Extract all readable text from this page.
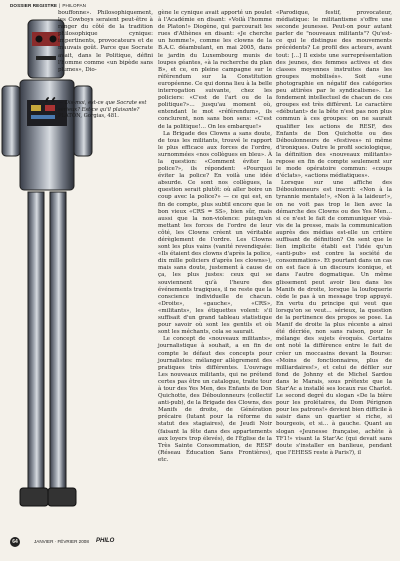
DOSSIER REGISTRE | PHILOPAN

bouffonne». Philosophiquement, les Cowboys seraient peut-être à ranger du côté de la tradition philosophique cynique: impertinents, provocateurs et de mauvais goût. Parce que Socrate avait, dans le Politique, défini l'homme comme «un bipède sans plumes», Dio-

‘‘ — Dis-moi, est-ce que Socrate est sérieux? Est-ce qu'il plaisante?
PLATON, Gorgias, 481.

gène le cynique avait apporté un poulet à l'Académie en disant: «Voilà l'homme de Platon!» Diogène, qui parcourait les rues d'Athènes en disant: «Je cherche un homme!», comme les clowns de la B.A.C. déambulant, en mai 2005, dans le jardin du Luxembourg munis de loupes géantes, «à la recherche du plan B», et ce, en pleine campagne sur le référendum sur la Constitution européenne. Ce qui donna lieu à la belle interrogation suivante, chez les policiers: «C'est de l'art ou de la politique?»… jusqu'au moment où, entendant le mot «référendum», ils conclurent, non sans bon sens: «C'est de la politique!… On les embarque!»

La Brigade des Clowns a sans doute, de tous les militants, trouvé le rapport le plus efficace aux forces de l'ordre, surnommées «nos collègues en bleu». À la question: «Comment éviter la police?», ils répondent: «Pourquoi éviter la police? En voilà une idée absurde. Ce sont nos collègues, la question serait plutôt: où aller boire un coup avec la police?» — ce qui est, en fin de compte, plus subtil encore que le bon vieux «CRS = SS», bien sûr, mais aussi que la non-violence: puisqu'en mettant les forces de l'ordre de leur côté, les Clowns créent un véritable dérèglement de l'ordre. Les Clowns sont les plus vains (vanité revendiquée: «Ils étaient des clowns d'après la police, dix mille policiers d'après les clowns»), mais sans doute, justement à cause de ça, les plus justes: ceux qui se souviennent qu'à l'heure des événements tragiques, il ne reste que la conscience individuelle de chacun. «Droite», «gauche», «CRS», «militants», les étiquettes volent: s'il suffisait d'un grand tableau statistique pour savoir où sont les gentils et où sont les méchants, cela se saurait.

Le concept de «nouveaux militants», journalistique à souhait, a en fin de compte le défaut des concepts pour journalistes: mélanger allègrement des pratiques très différentes. L'ouvrage Les nouveaux militants, qui ne prétend certes pas être un catalogue, traite tour à tour des Yes Men, des Enfants de Don Quichotte, des Déboulonneurs (collectif anti-pub), de la Brigade des Clowns, des Manifs de droite, de Génération précaire (lutant pour la réforme du statut des stagiaires), de Jeudi Noir (faisant la fête dans des appartements aux loyers trop élevés), de l'Église de la Très Sainte Consommation, de RESF (Réseau Éducation Sans Frontières), etc.

«Parodique, festif, provocateur, médiatique: le militantisme s'offre une seconde jeunesse. Peut-on pour autant parler de "nouveaux militants"? Qu'est-ce qui le distingue des mouvements précédents? Le profil des acteurs, avant tout: [...] Il existe une surreprésentation des jeunes, des femmes actives et des classes moyennes instruites dans les groupes mobilisés». Soit «une photographie en négatif des catégories peu attirées par le syndicalisme». Le fondement intellectuel de chacun de ces groupes est très différent. Le caractère «débutant» de la bête n'est pas non plus commun à ces groupes: on ne saurait qualifier les actions de RESF, des Enfants de Don Quichotte ou des Déboulonneurs de «festives» ni même d'ironiques. Outre le profil sociologique, la définition des «nouveaux militants» repose en fin de compte seulement sur le mode opératoire commun: «coups d'éclats», «actions médiatiques».

Lorsque sur une affiche des Déboulonneurs est inscrit: «Non à la tyrannie mentale!», «Non à la laideur!», on ne voit pas trop le lien avec la démarche des Clowns ou des Yes Men… si ce n'est le fait de communiquer visà-vis de la presse, mais la communication auprès des médias est-elle un critère suffisant de définition? On sent que le lien implicite établi est l'idée qu'un «anti-pub» est contre la société de consommation». Et pourtant dans un cas on est face à un discours iconique, et dans l'autre dogmatique. Un même glissement peut avoir lieu dans les Manifs de droite, lorsque la loufoquerie cède le pas à un message trop appuyé. En vertu du principe qui veut que lorsqu'on se veut… sérieux, la question de la pertinence des propos se pose. La Manif de droite la plus récente a ainsi été décriée, non sans raison, pour le mélange des sujets évoqués. Certains ont noté la différence entre le fait de créer un moccasins devant la Bourse: «Moins de fonctionnaires, plus de milliardaires!», et celui de défiler sur fond de Johnny et de Michel Sardou dans le Marais, sous prétexte que la Star'Ac a installé ses locaux rue Charlot. Le second degré du slogan «De la bière pour les prolétaires, du Dom Pérignon pour les patrons!» devient bien difficile à saisir dans un quartier si riche, si bourgeois, et si… à gauche. Quant au slogan «Jeunesse française, achète à TF1!» visant la Star'Ac (qui devait sans doute s'installer en banlieue, pendant que l'EHESS reste à Paris?), il

64	JANVIER · FÉVRIER 2008 PHILO
